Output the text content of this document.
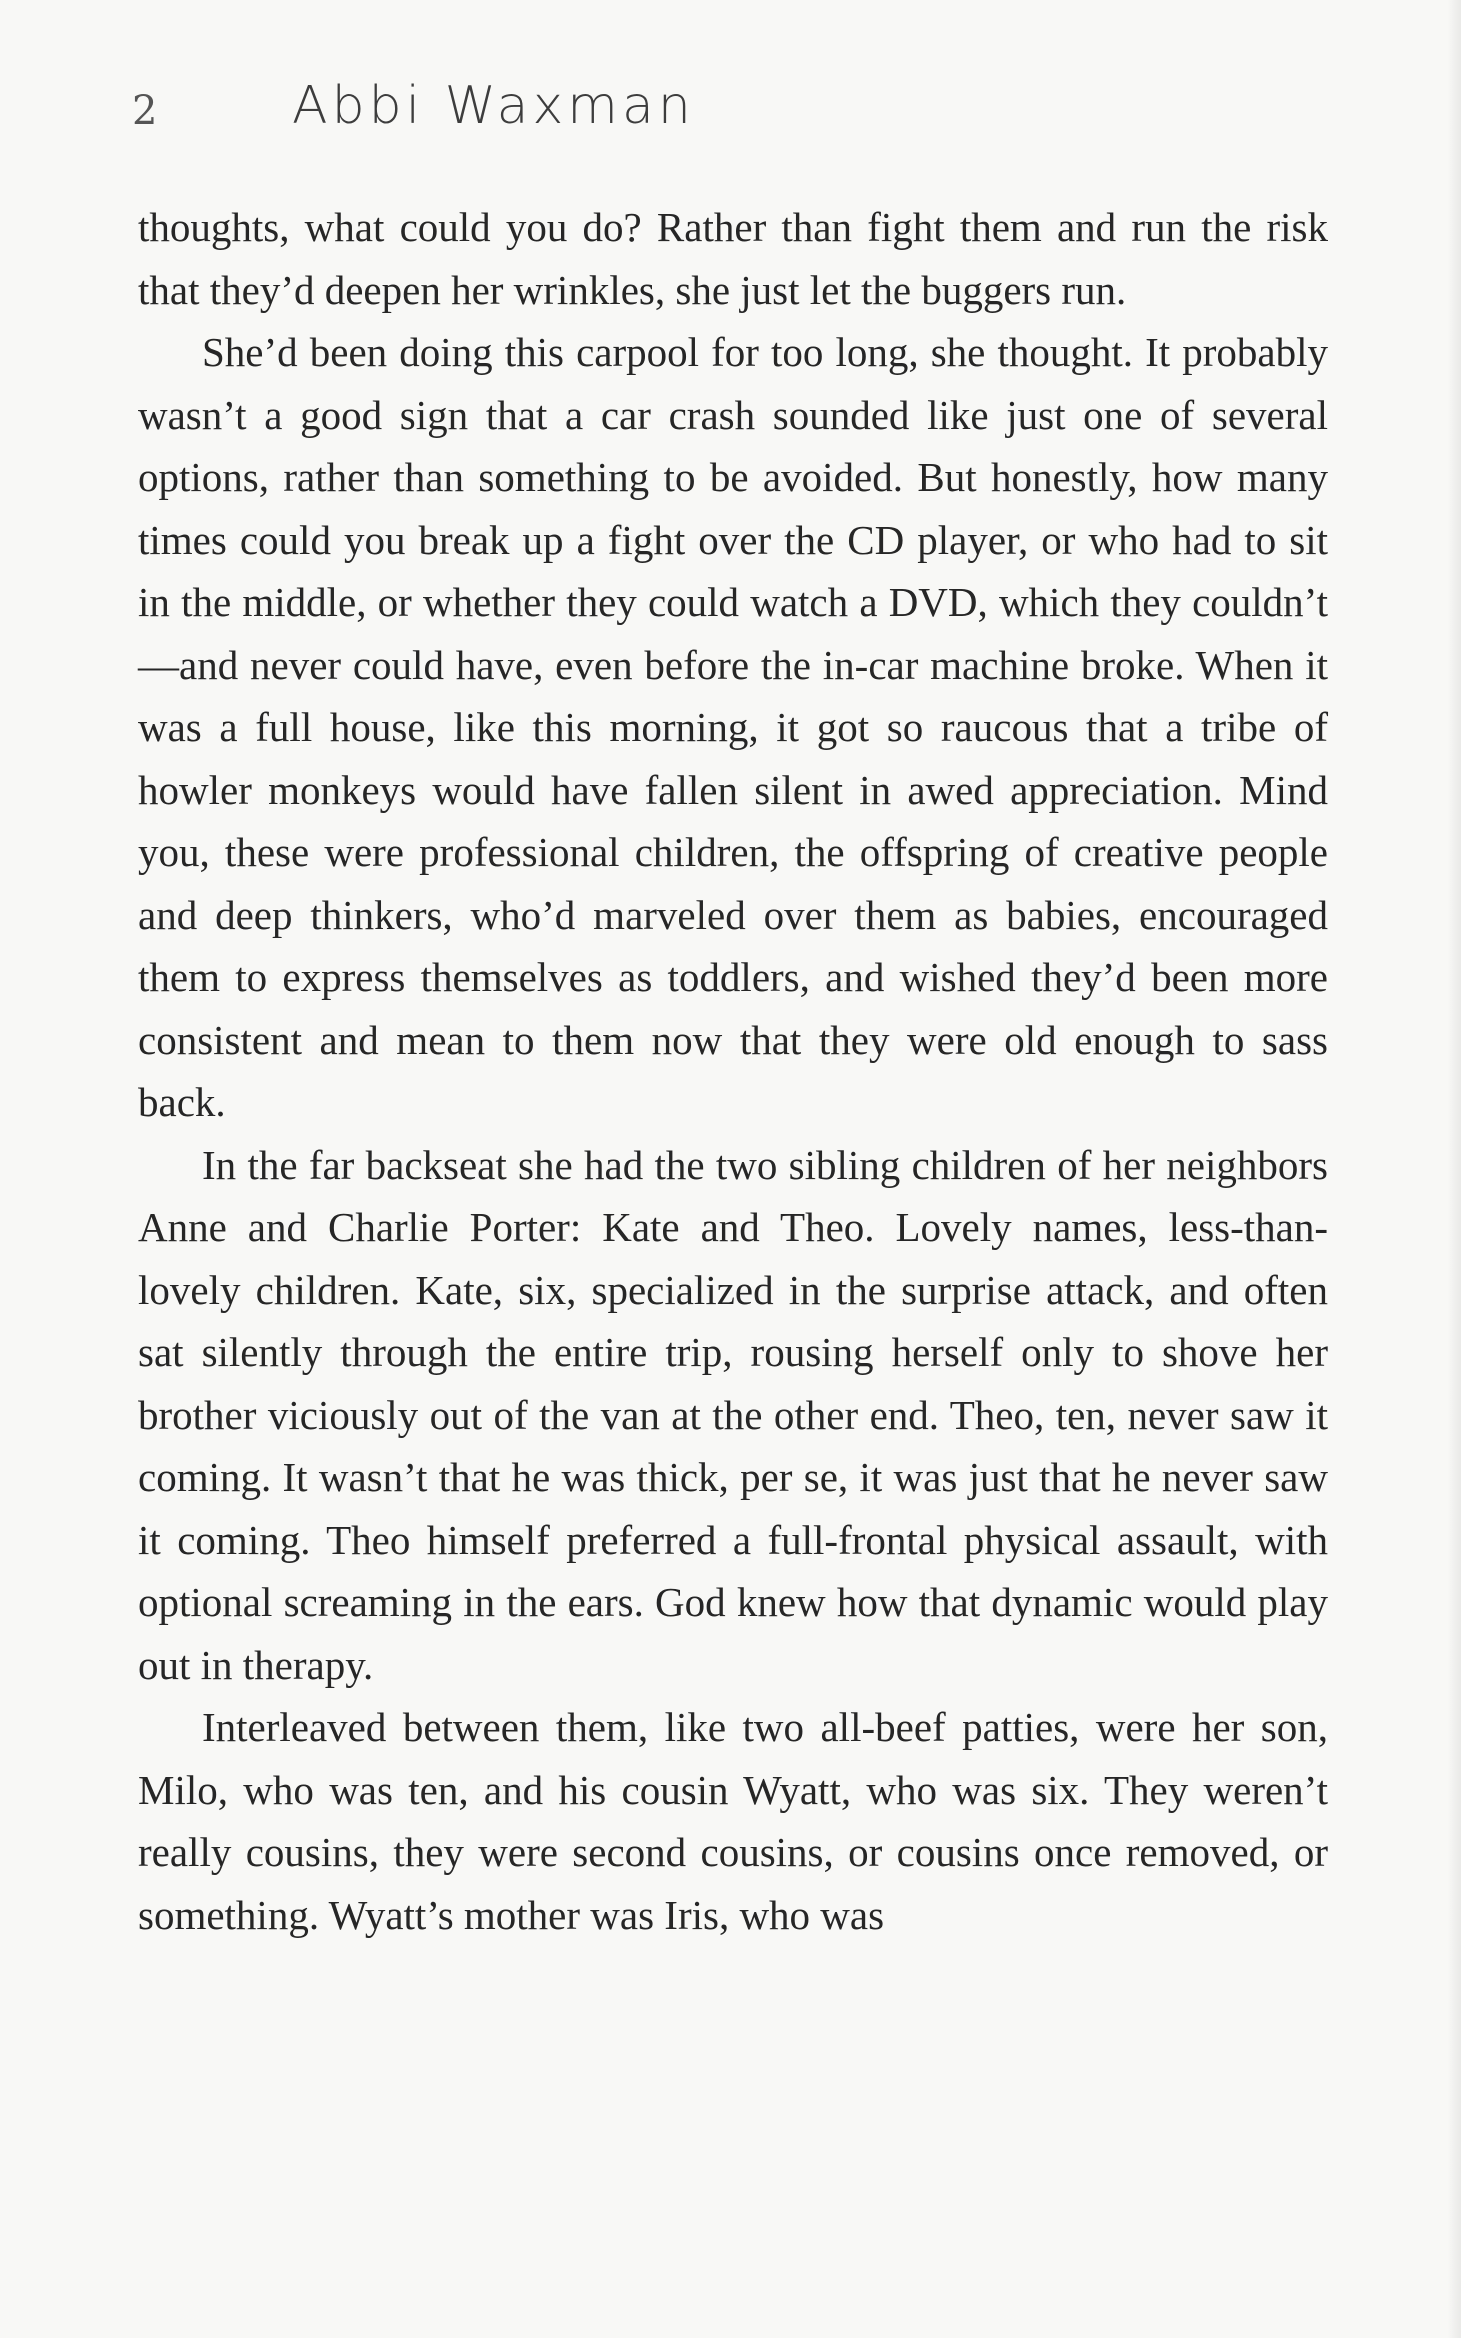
2	Abbi Waxman

thoughts, what could you do? Rather than fight them and run the risk that they’d deepen her wrinkles, she just let the buggers run.

She’d been doing this carpool for too long, she thought. It probably wasn’t a good sign that a car crash sounded like just one of several options, rather than something to be avoided. But honestly, how many times could you break up a fight over the CD player, or who had to sit in the middle, or whether they could watch a DVD, which they couldn’t—and never could have, even before the in-car machine broke. When it was a full house, like this morning, it got so raucous that a tribe of howler monkeys would have fallen silent in awed appreciation. Mind you, these were professional children, the offspring of creative people and deep thinkers, who’d marveled over them as babies, encouraged them to express themselves as toddlers, and wished they’d been more consistent and mean to them now that they were old enough to sass back.

In the far backseat she had the two sibling children of her neighbors Anne and Charlie Porter: Kate and Theo. Lovely names, less-than-lovely children. Kate, six, specialized in the surprise attack, and often sat silently through the entire trip, rousing herself only to shove her brother viciously out of the van at the other end. Theo, ten, never saw it coming. It wasn’t that he was thick, per se, it was just that he never saw it coming. Theo himself preferred a full-frontal physical assault, with optional screaming in the ears. God knew how that dynamic would play out in therapy.

Interleaved between them, like two all-beef patties, were her son, Milo, who was ten, and his cousin Wyatt, who was six. They weren’t really cousins, they were second cousins, or cousins once removed, or something. Wyatt’s mother was Iris, who was
